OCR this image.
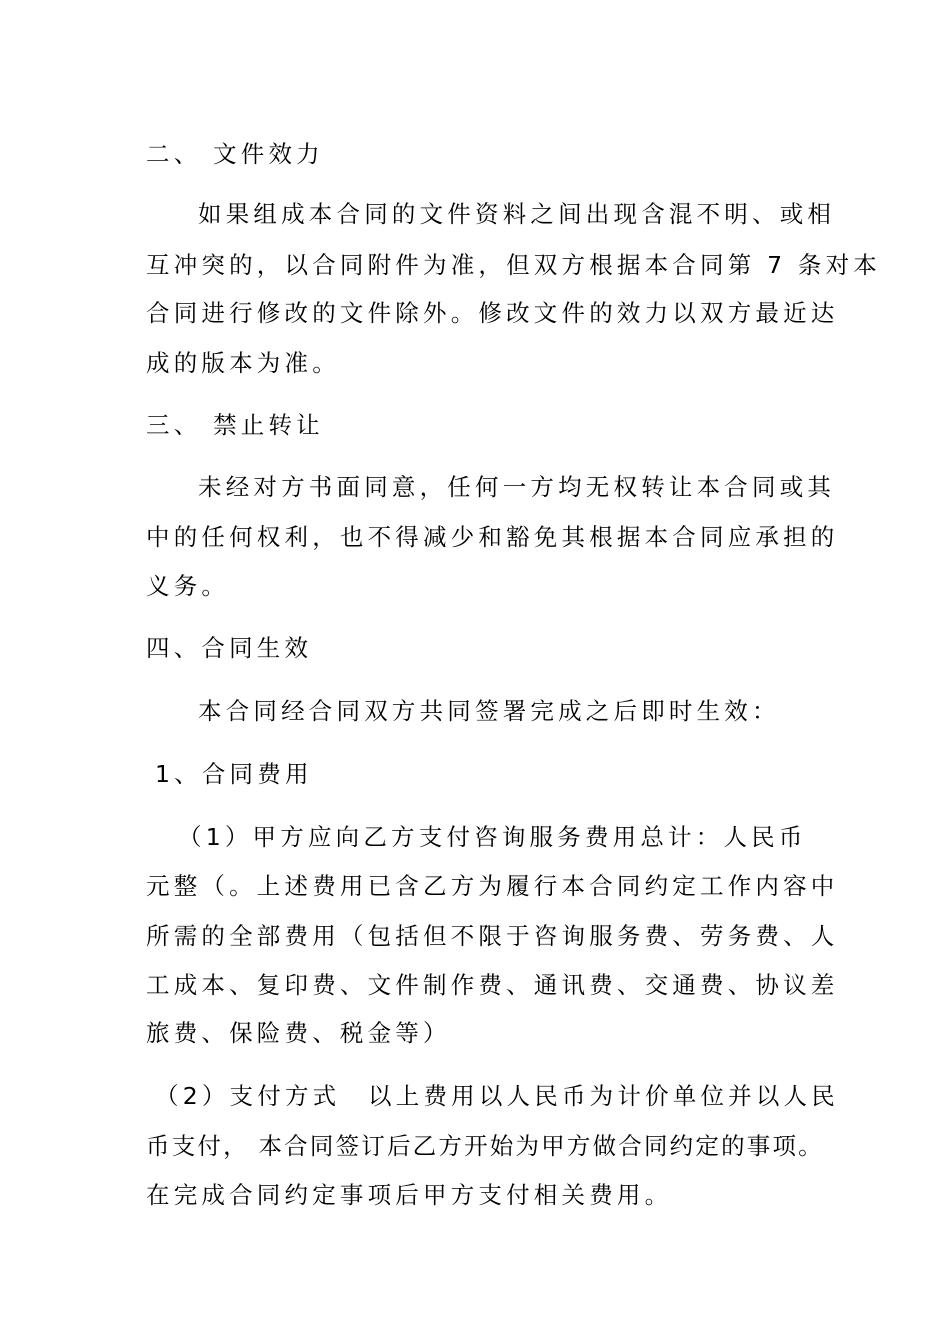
二、 文件效力
如果组成本合同的文件资料之间出现含混不明、或相
互冲突的，以合同附件为准，但双方根据本合同第 7 条对本
合同进行修改的文件除外。修改文件的效力以双方最近达
成的版本为准。
三、 禁止转让
未经对方书面同意，任何一方均无权转让本合同或其
中的任何权利，也不得减少和豁免其根据本合同应承担的
义务。
四、合同生效
本合同经合同双方共同签署完成之后即时生效：
1、合同费用
（1）甲方应向乙方支付咨询服务费用总计：人民币
元整（。上述费用已含乙方为履行本合同约定工作内容中
所需的全部费用（包括但不限于咨询服务费、劳务费、人
工成本、复印费、文件制作费、通讯费、交通费、协议差
旅费、保险费、税金等）
（2）支付方式　以上费用以人民币为计价单位并以人民
币支付， 本合同签订后乙方开始为甲方做合同约定的事项。
在完成合同约定事项后甲方支付相关费用。
